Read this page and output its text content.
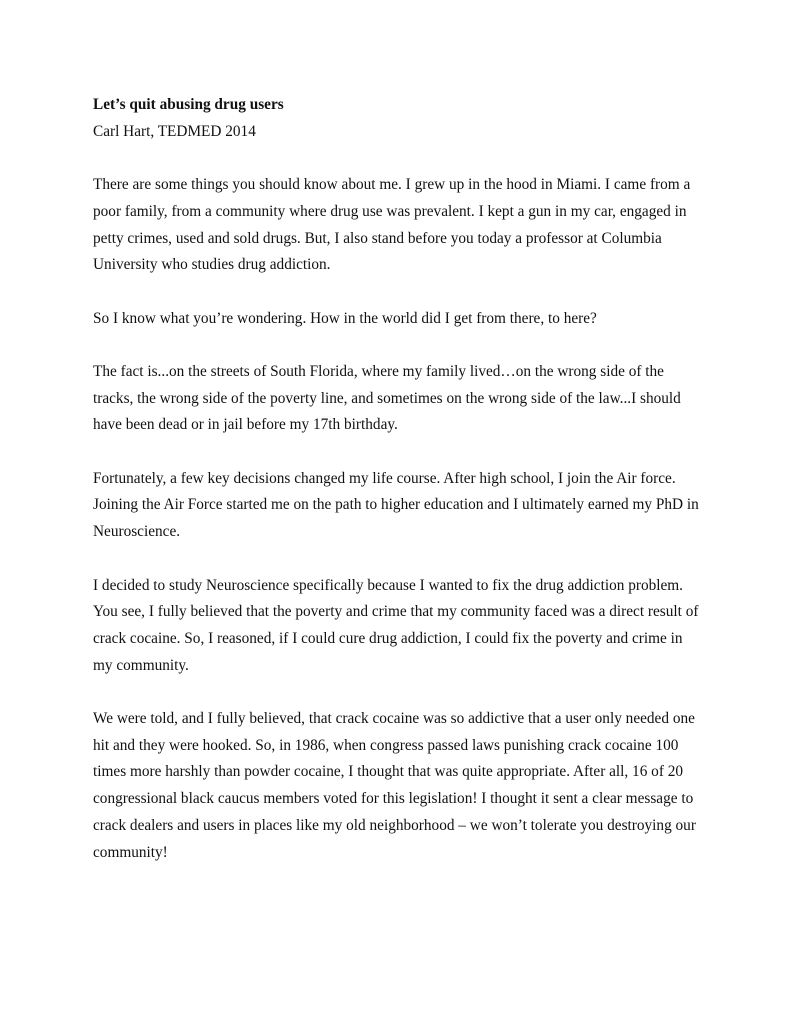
Let’s quit abusing drug users

Carl Hart, TEDMED 2014

There are some things you should know about me. I grew up in the hood in Miami. I came from a poor family, from a community where drug use was prevalent. I kept a gun in my car, engaged in petty crimes, used and sold drugs. But, I also stand before you today a professor at Columbia University who studies drug addiction.

So I know what you’re wondering. How in the world did I get from there, to here?

The fact is...on the streets of South Florida, where my family lived…on the wrong side of the tracks, the wrong side of the poverty line, and sometimes on the wrong side of the law...I should have been dead or in jail before my 17th birthday.

Fortunately, a few key decisions changed my life course. After high school, I join the Air force. Joining the Air Force started me on the path to higher education and I ultimately earned my PhD in Neuroscience.

I decided to study Neuroscience specifically because I wanted to fix the drug addiction problem. You see, I fully believed that the poverty and crime that my community faced was a direct result of crack cocaine. So, I reasoned, if I could cure drug addiction, I could fix the poverty and crime in my community.

We were told, and I fully believed, that crack cocaine was so addictive that a user only needed one hit and they were hooked. So, in 1986, when congress passed laws punishing crack cocaine 100 times more harshly than powder cocaine, I thought that was quite appropriate. After all, 16 of 20 congressional black caucus members voted for this legislation! I thought it sent a clear message to crack dealers and users in places like my old neighborhood – we won’t tolerate you destroying our community!
